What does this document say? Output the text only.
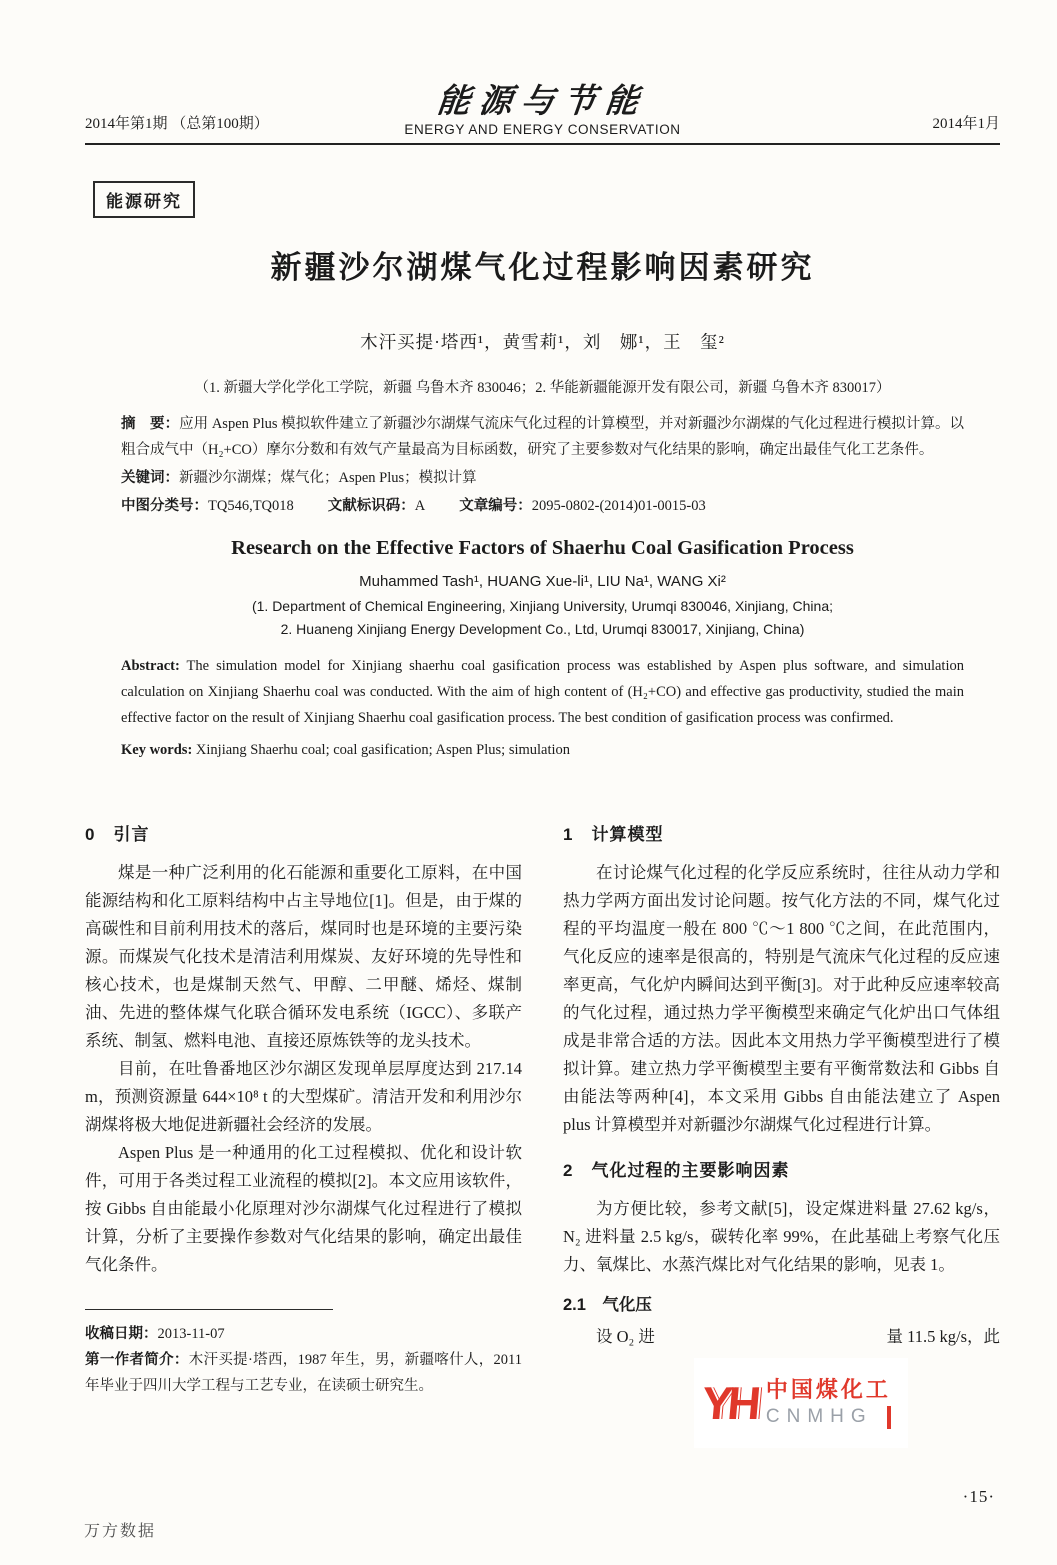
2014年第1期 （总第100期）
能源与节能
ENERGY AND ENERGY CONSERVATION	2014年1月
能源研究
新疆沙尔湖煤气化过程影响因素研究
木汗买提·塔西¹，黄雪莉¹，刘　娜¹，王　玺²
（1. 新疆大学化学化工学院，新疆 乌鲁木齐 830046；2. 华能新疆能源开发有限公司，新疆 乌鲁木齐 830017）
摘　要：应用 Aspen Plus 模拟软件建立了新疆沙尔湖煤气流床气化过程的计算模型，并对新疆沙尔湖煤的气化过程进行模拟计算。以粗合成气中（H₂+CO）摩尔分数和有效气产量最高为目标函数，研究了主要参数对气化结果的影响，确定出最佳气化工艺条件。
关键词：新疆沙尔湖煤；煤气化；Aspen Plus；模拟计算
中图分类号：TQ546,TQ018 文献标识码：A 文章编号：2095-0802-(2014)01-0015-03
Research on the Effective Factors of Shaerhu Coal Gasification Process
Muhammed Tash¹, HUANG Xue-li¹, LIU Na¹, WANG Xi²
(1. Department of Chemical Engineering, Xinjiang University, Urumqi 830046, Xinjiang, China;
2. Huaneng Xinjiang Energy Development Co., Ltd, Urumqi 830017, Xinjiang, China)
Abstract: The simulation model for Xinjiang shaerhu coal gasification process was established by Aspen plus software, and simulation calculation on Xinjiang Shaerhu coal was conducted. With the aim of high content of (H₂+CO) and effective gas productivity, studied the main effective factor on the result of Xinjiang Shaerhu coal gasification process. The best condition of gasification process was confirmed.
Key words: Xinjiang Shaerhu coal; coal gasification; Aspen Plus; simulation
0　引言

煤是一种广泛利用的化石能源和重要化工原料，在中国能源结构和化工原料结构中占主导地位[1]。但是，由于煤的高碳性和目前利用技术的落后，煤同时也是环境的主要污染源。而煤炭气化技术是清洁利用煤炭、友好环境的先导性和核心技术，也是煤制天然气、甲醇、二甲醚、烯烃、煤制油、先进的整体煤气化联合循环发电系统（IGCC）、多联产系统、制氢、燃料电池、直接还原炼铁等的龙头技术。

目前，在吐鲁番地区沙尔湖区发现单层厚度达到 217.14 m，预测资源量 644×10⁸ t 的大型煤矿。清洁开发和利用沙尔湖煤将极大地促进新疆社会经济的发展。

Aspen Plus 是一种通用的化工过程模拟、优化和设计软件，可用于各类过程工业流程的模拟[2]。本文应用该软件，按 Gibbs 自由能最小化原理对沙尔湖煤气化过程进行了模拟计算，分析了主要操作参数对气化结果的影响，确定出最佳气化条件。

收稿日期：2013-11-07
第一作者简介：木汗买提·塔西，1987 年生，男，新疆喀什人，2011 年毕业于四川大学工程与工艺专业，在读硕士研究生。
1　计算模型

在讨论煤气化过程的化学反应系统时，往往从动力学和热力学两方面出发讨论问题。按气化方法的不同，煤气化过程的平均温度一般在 800 ℃～1 800 ℃之间，在此范围内，气化反应的速率是很高的，特别是气流床气化过程的反应速率更高，气化炉内瞬间达到平衡[3]。对于此种反应速率较高的气化过程，通过热力学平衡模型来确定气化炉出口气体组成是非常合适的方法。因此本文用热力学平衡模型进行了模拟计算。建立热力学平衡模型主要有平衡常数法和 Gibbs 自由能法等两种[4]，本文采用 Gibbs 自由能法建立了 Aspen plus 计算模型并对新疆沙尔湖煤气化过程进行计算。

2　气化过程的主要影响因素

为方便比较，参考文献[5]，设定煤进料量 27.62 kg/s，N₂ 进料量 2.5 kg/s，碳转化率 99%，在此基础上考察气化压力、氧煤比、水蒸汽煤比对气化结果的影响，见表 1。

2.1　气化压
设 O₂ 进	量 11.5 kg/s，此
YH 中国煤化工
CNMHG
·15·
万方数据
